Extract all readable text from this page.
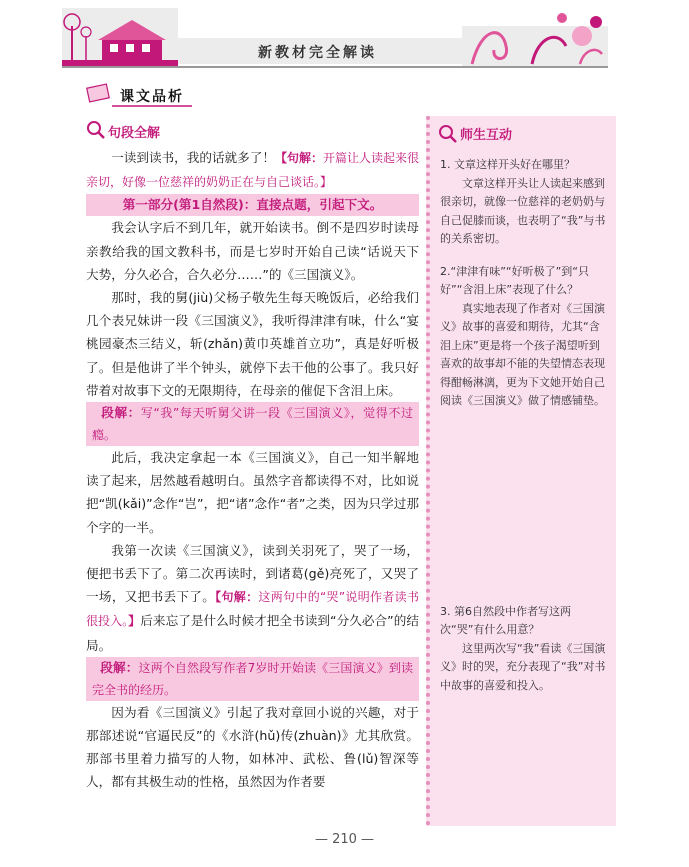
新教材完全解读
课文品析
句段全解

一读到读书，我的话就多了！【句解：开篇让人读起来很亲切，好像一位慈祥的奶奶正在与自己谈话。】

第一部分(第1自然段)：直接点题，引起下文。

我会认字后不到几年，就开始读书。倒不是四岁时读母亲教给我的国文教科书，而是七岁时开始自己读“话说天下大势，分久必合，合久必分……”的《三国演义》。

那时，我的舅(jiù)父杨子敬先生每天晚饭后，必给我们几个表兄妹讲一段《三国演义》，我听得津津有味，什么“宴桃园豪杰三结义，斩(zhǎn)黄巾英雄首立功”，真是好听极了。但是他讲了半个钟头，就停下去干他的公事了。我只好带着对故事下文的无限期待，在母亲的催促下含泪上床。

段解：写“我”每天听舅父讲一段《三国演义》，觉得不过瘾。

此后，我决定拿起一本《三国演义》，自己一知半解地读了起来，居然越看越明白。虽然字音都读得不对，比如说把“凯(kǎi)”念作“岂”，把“诸”念作“者”之类，因为只学过那个字的一半。

我第一次读《三国演义》，读到关羽死了，哭了一场，便把书丢下了。第二次再读时，到诸葛(gě)亮死了，又哭了一场，又把书丢下了。【句解：这两句中的“哭”说明作者读书很投入。】后来忘了是什么时候才把全书读到“分久必合”的结局。

段解：这两个自然段写作者7岁时开始读《三国演义》到读完全书的经历。

因为看《三国演义》引起了我对章回小说的兴趣，对于那部述说“官逼民反”的《水浒(hǔ)传(zhuàn)》尤其欣赏。那部书里着力描写的人物，如林冲、武松、鲁(lǔ)智深等人，都有其极生动的性格，虽然因为作者要

师生互动

1. 文章这样开头好在哪里？

文章这样开头让人读起来感到很亲切，就像一位慈祥的老奶奶与自己促膝而谈，也表明了“我”与书的关系密切。

2.“津津有味”“好听极了”到“只好”“含泪上床”表现了什么？

真实地表现了作者对《三国演义》故事的喜爱和期待，尤其“含泪上床”更是将一个孩子渴望听到喜欢的故事却不能的失望情态表现得酣畅淋漓，更为下文她开始自己阅读《三国演义》做了情感铺垫。

3. 第6自然段中作者写这两次“哭”有什么用意？

这里两次写“我”看读《三国演义》时的哭，充分表现了“我”对书中故事的喜爱和投入。

— 210 —
